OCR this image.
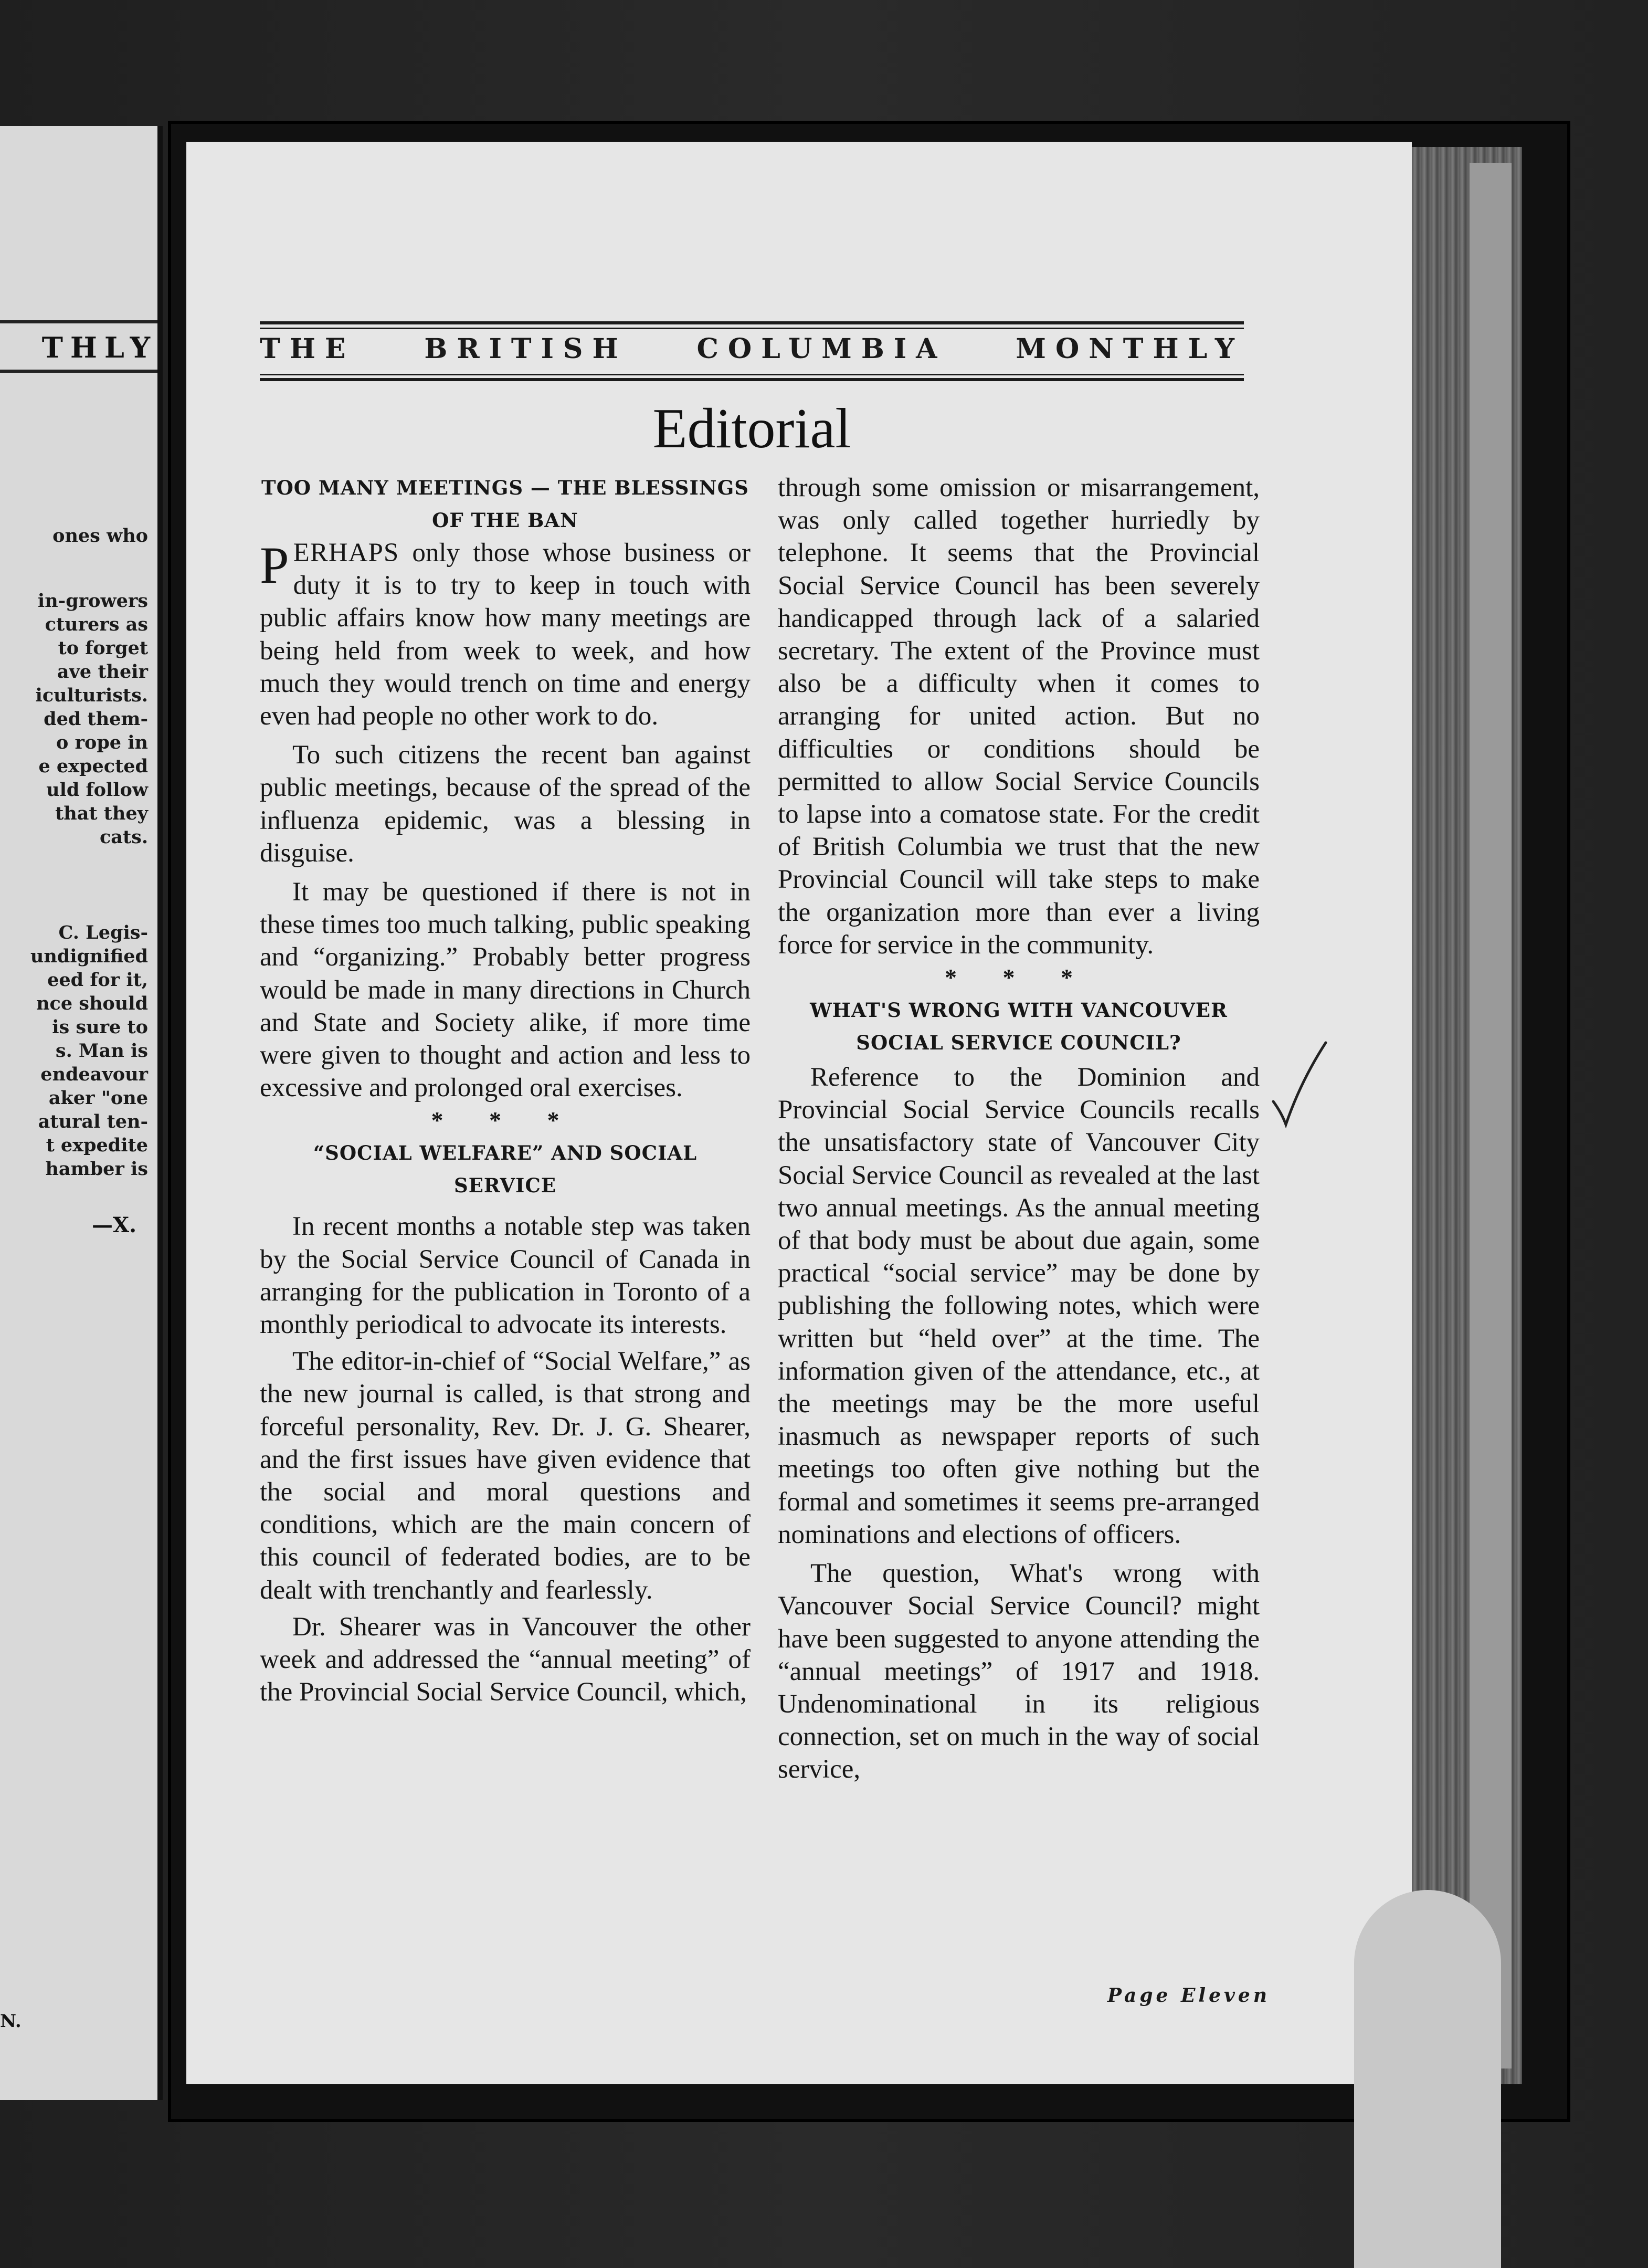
THLY
ones who
in-growers
cturers as
to forget
ave their
iculturists.
ded them-
o rope in
e expected
uld follow
that they
cats.
C. Legis-
undignified
eed for it,
nce should
is sure to
s. Man is
endeavour
aker "one
atural ten-
t expedite
hamber is
—X.
N.
THE	BRITISH	COLUMBIA	MONTHLY
Editorial
TOO MANY MEETINGS — THE BLESSINGS OF THE BAN

PERHAPS only those whose business or duty it is to try to keep in touch with public affairs know how many meetings are being held from week to week, and how much they would trench on time and energy even had people no other work to do.

To such citizens the recent ban against public meetings, because of the spread of the influenza epidemic, was a blessing in disguise.

It may be questioned if there is not in these times too much talking, public speaking and “organizing.” Probably better progress would be made in many directions in Church and State and Society alike, if more time were given to thought and action and less to excessive and prolonged oral exercises.

* * *
“SOCIAL WELFARE” AND SOCIAL SERVICE

In recent months a notable step was taken by the Social Service Council of Canada in arranging for the publication in Toronto of a monthly periodical to advocate its interests.

The editor-in-chief of “Social Welfare,” as the new journal is called, is that strong and forceful personality, Rev. Dr. J. G. Shearer, and the first issues have given evidence that the social and moral questions and conditions, which are the main concern of this council of federated bodies, are to be dealt with trenchantly and fearlessly.

Dr. Shearer was in Vancouver the other week and addressed the “annual meeting” of the Provincial Social Service Council, which,

through some omission or misarrangement, was only called together hurriedly by telephone. It seems that the Provincial Social Service Council has been severely handicapped through lack of a salaried secretary. The extent of the Province must also be a difficulty when it comes to arranging for united action. But no difficulties or conditions should be permitted to allow Social Service Councils to lapse into a comatose state. For the credit of British Columbia we trust that the new Provincial Council will take steps to make the organization more than ever a living force for service in the community.

* * *
WHAT'S WRONG WITH VANCOUVER SOCIAL SERVICE COUNCIL?

Reference to the Dominion and Provincial Social Service Councils recalls the unsatisfactory state of Vancouver City Social Service Council as revealed at the last two annual meetings. As the annual meeting of that body must be about due again, some practical “social service” may be done by publishing the following notes, which were written but “held over” at the time. The information given of the attendance, etc., at the meetings may be the more useful inasmuch as newspaper reports of such meetings too often give nothing but the formal and sometimes it seems pre-arranged nominations and elections of officers.

The question, What's wrong with Vancouver Social Service Council? might have been suggested to anyone attending the “annual meetings” of 1917 and 1918. Undenominational in its religious connection, set on much in the way of social service,

Page Eleven
